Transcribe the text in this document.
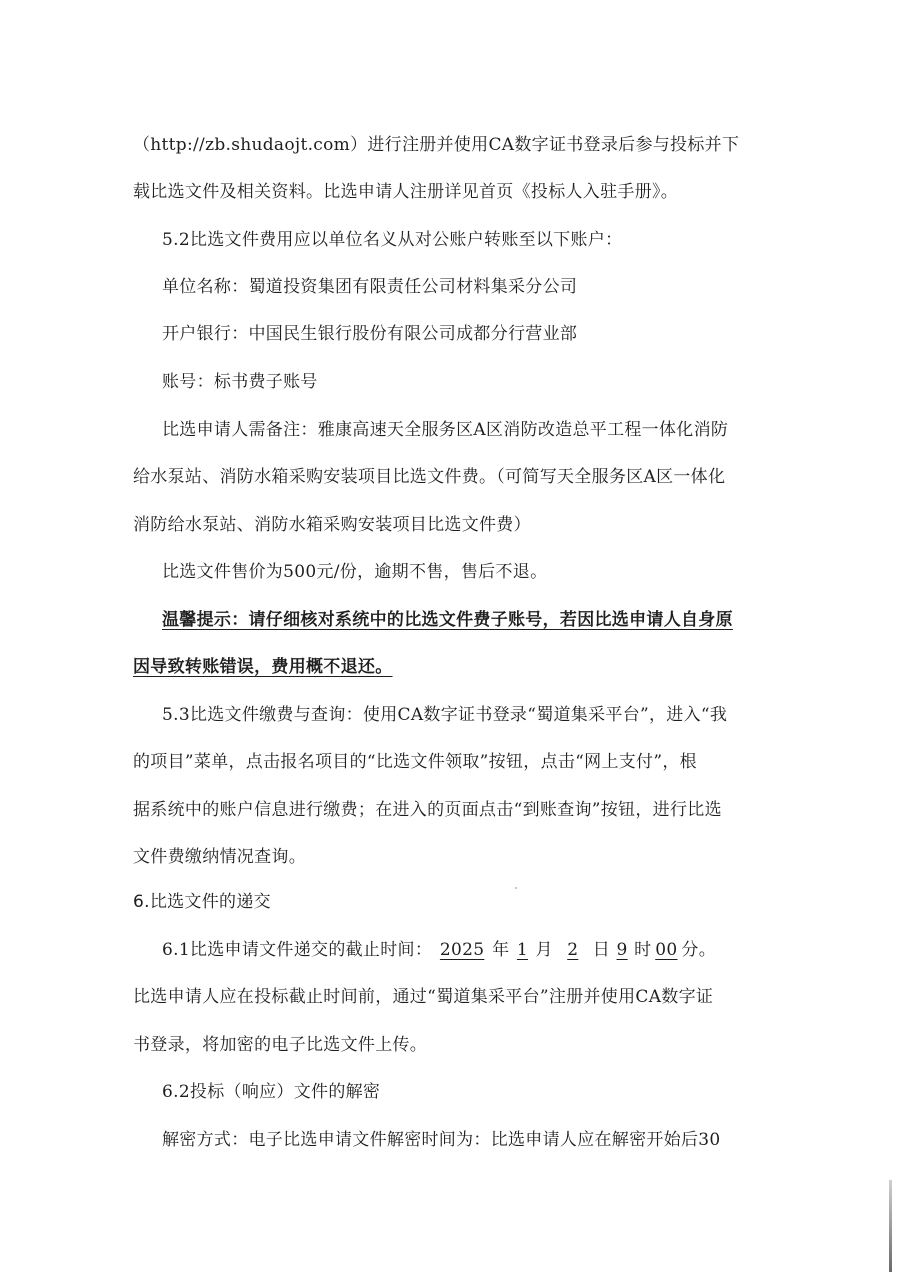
（http://zb.shudaojt.com）进行注册并使用CA数字证书登录后参与投标并下
载比选文件及相关资料。比选申请人注册详见首页《投标人入驻手册》。
5.2比选文件费用应以单位名义从对公账户转账至以下账户：
单位名称：蜀道投资集团有限责任公司材料集采分公司
开户银行：中国民生银行股份有限公司成都分行营业部
账号：标书费子账号
比选申请人需备注：雅康高速天全服务区A区消防改造总平工程一体化消防
给水泵站、消防水箱采购安装项目比选文件费。（可简写天全服务区A区一体化
消防给水泵站、消防水箱采购安装项目比选文件费）
比选文件售价为500元/份，逾期不售，售后不退。
温馨提示：请仔细核对系统中的比选文件费子账号，若因比选申请人自身原
因导致转账错误，费用概不退还。
5.3比选文件缴费与查询：使用CA数字证书登录“蜀道集采平台”，进入“我
的项目”菜单，点击报名项目的“比选文件领取”按钮，点击“网上支付”，根
据系统中的账户信息进行缴费；在进入的页面点击“到账查询”按钮，进行比选
文件费缴纳情况查询。
6.比选文件的递交
6.1比选申请文件递交的截止时间： 2025 年 1 月 2 日 9 时 00 分。
比选申请人应在投标截止时间前，通过“蜀道集采平台”注册并使用CA数字证
书登录，将加密的电子比选文件上传。
6.2投标（响应）文件的解密
解密方式：电子比选申请文件解密时间为：比选申请人应在解密开始后30
